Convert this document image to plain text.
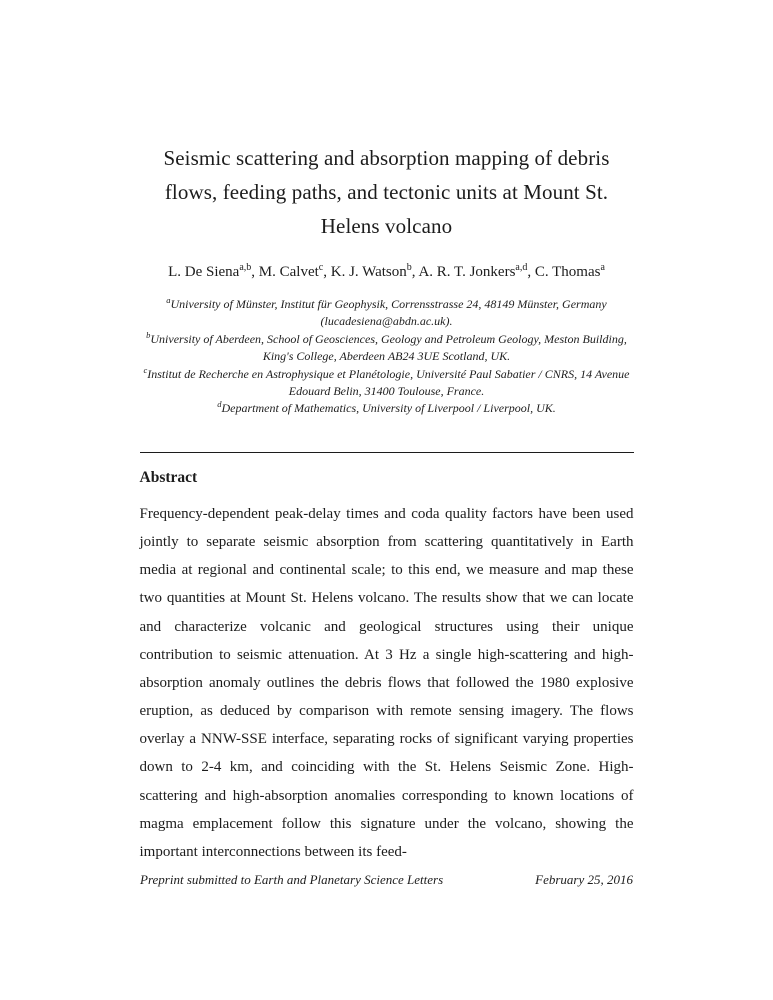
Seismic scattering and absorption mapping of debris flows, feeding paths, and tectonic units at Mount St. Helens volcano
L. De Siena$^{a,b}$, M. Calvet$^c$, K. J. Watson$^b$, A. R. T. Jonkers$^{a,d}$, C. Thomas$^a$
$^a$University of Münster, Institut für Geophysik, Corrensstrasse 24, 48149 Münster, Germany (lucadesiena@abdn.ac.uk).
$^b$University of Aberdeen, School of Geosciences, Geology and Petroleum Geology, Meston Building, King's College, Aberdeen AB24 3UE Scotland, UK.
$^c$Institut de Recherche en Astrophysique et Planétologie, Université Paul Sabatier / CNRS, 14 Avenue Edouard Belin, 31400 Toulouse, France.
$^d$Department of Mathematics, University of Liverpool / Liverpool, UK.
Abstract

Frequency-dependent peak-delay times and coda quality factors have been used jointly to separate seismic absorption from scattering quantitatively in Earth media at regional and continental scale; to this end, we measure and map these two quantities at Mount St. Helens volcano. The results show that we can locate and characterize volcanic and geological structures using their unique contribution to seismic attenuation. At 3 Hz a single high-scattering and high-absorption anomaly outlines the debris flows that followed the 1980 explosive eruption, as deduced by comparison with remote sensing imagery. The flows overlay a NNW-SSE interface, separating rocks of significant varying properties down to 2-4 km, and coinciding with the St. Helens Seismic Zone. High-scattering and high-absorption anomalies corresponding to known locations of magma emplacement follow this signature under the volcano, showing the important interconnections between its feed-

Preprint submitted to Earth and Planetary Science Letters	February 25, 2016
